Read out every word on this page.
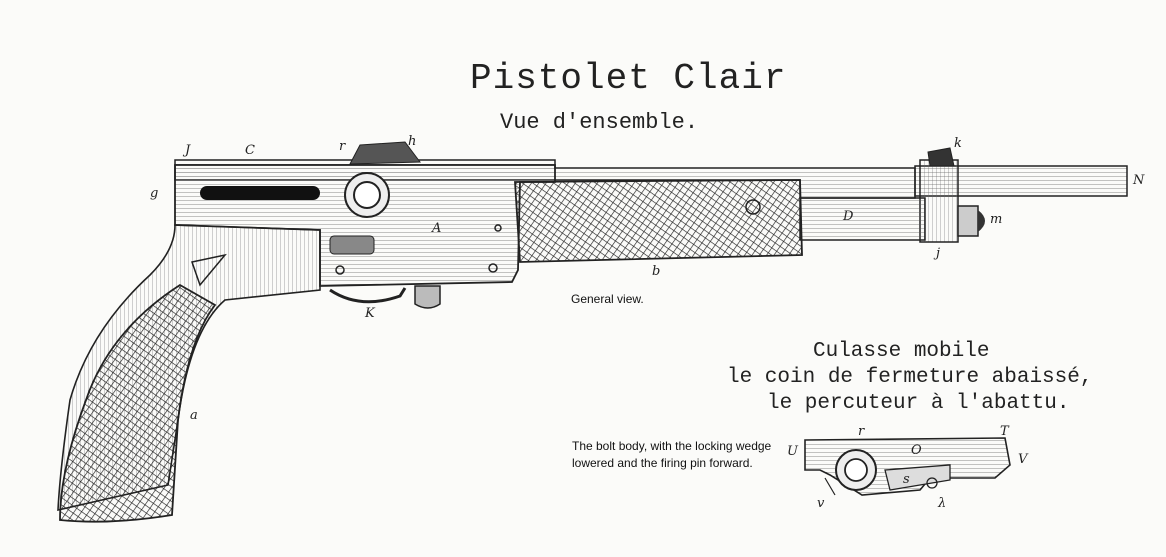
Pistolet Clair
Vue d'ensemble.
J	C
g
r	h
A
k
N
D	m
j
b
K
a
General view.
Culasse mobile
le coin de fermeture abaissé,
le percuteur à l'abattu.
The bolt body, with the locking wedge lowered and the firing pin forward.
r
U	O
T
V
s
v	λ
